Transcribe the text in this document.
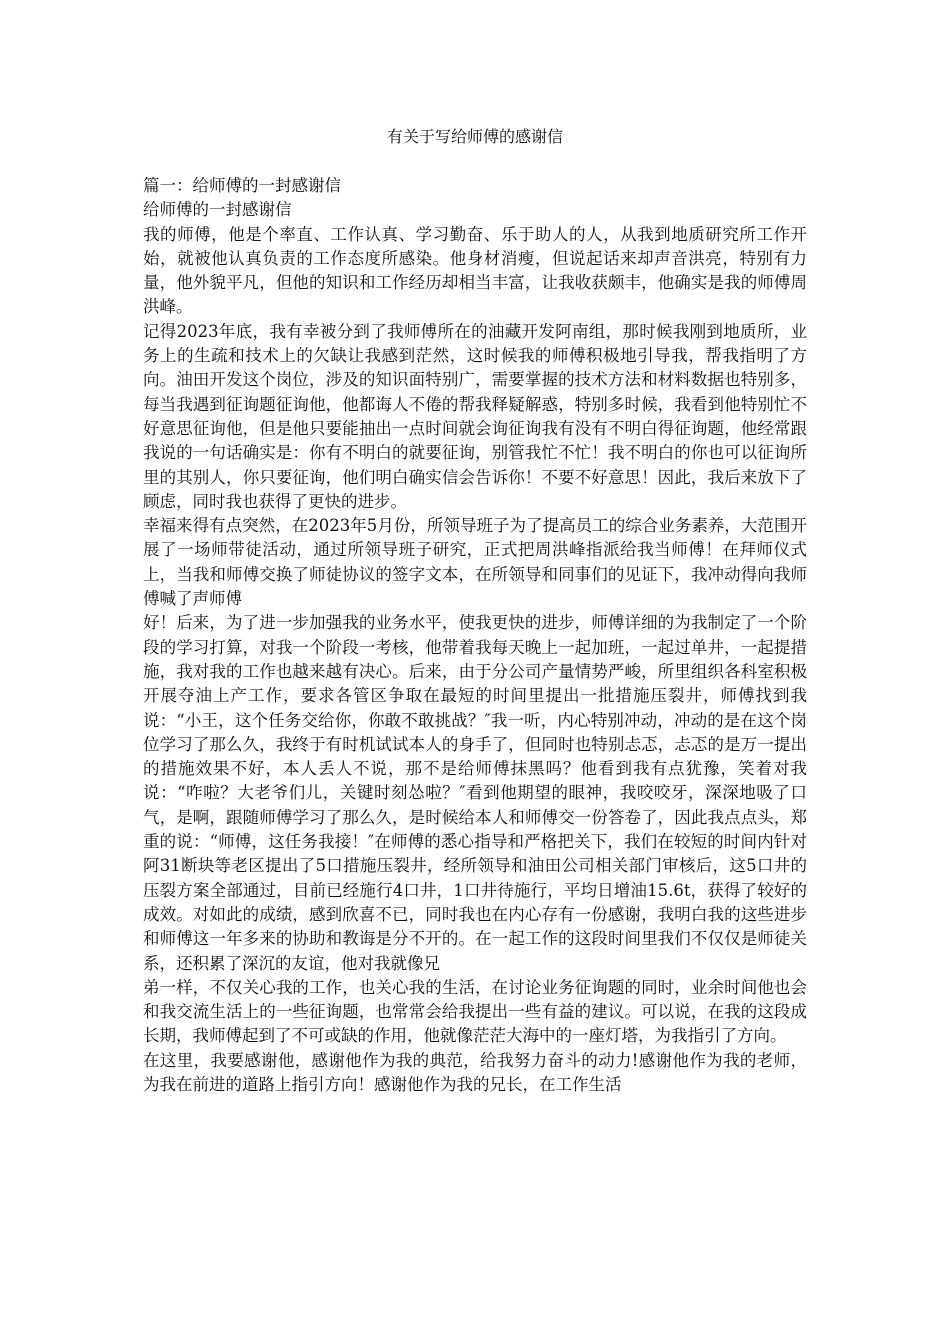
有关于写给师傅的感谢信

篇一：给师傅的一封感谢信

给师傅的一封感谢信

我的师傅，他是个率直、工作认真、学习勤奋、乐于助人的人，从我到地质研究所工作开始，就被他认真负责的工作态度所感染。他身材消瘦，但说起话来却声音洪亮，特别有力量，他外貌平凡，但他的知识和工作经历却相当丰富，让我收获颇丰，他确实是我的师傅周洪峰。

记得2023年底，我有幸被分到了我师傅所在的油藏开发阿南组，那时候我刚到地质所，业务上的生疏和技术上的欠缺让我感到茫然，这时候我的师傅积极地引导我，帮我指明了方向。油田开发这个岗位，涉及的知识面特别广，需要掌握的技术方法和材料数据也特别多，每当我遇到征询题征询他，他都诲人不倦的帮我释疑解惑，特别多时候，我看到他特别忙不好意思征询他，但是他只要能抽出一点时间就会询征询我有没有不明白得征询题，他经常跟我说的一句话确实是：你有不明白的就要征询，别管我忙不忙！我不明白的你也可以征询所里的其别人，你只要征询，他们明白确实信会告诉你！不要不好意思！因此，我后来放下了顾虑，同时我也获得了更快的进步。

幸福来得有点突然，在2023年5月份，所领导班子为了提高员工的综合业务素养，大范围开展了一场师带徒活动，通过所领导班子研究，正式把周洪峰指派给我当师傅！在拜师仪式上，当我和师傅交换了师徒协议的签字文本，在所领导和同事们的见证下，我冲动得向我师傅喊了声师傅

好！后来，为了进一步加强我的业务水平，使我更快的进步，师傅详细的为我制定了一个阶段的学习打算，对我一个阶段一考核，他带着我每天晚上一起加班，一起过单井，一起提措施，我对我的工作也越来越有决心。后来，由于分公司产量情势严峻，所里组织各科室积极开展夺油上产工作，要求各管区争取在最短的时间里提出一批措施压裂井，师傅找到我说：“小王，这个任务交给你，你敢不敢挑战？″我一听，内心特别冲动，冲动的是在这个岗位学习了那么久，我终于有时机试试本人的身手了，但同时也特别忐忑，忐忑的是万一提出的措施效果不好，本人丢人不说，那不是给师傅抹黑吗？他看到我有点犹豫，笑着对我说：“咋啦？大老爷们儿，关键时刻怂啦？″看到他期望的眼神，我咬咬牙，深深地吸了口气，是啊，跟随师傅学习了那么久，是时候给本人和师傅交一份答卷了，因此我点点头，郑重的说：“师傅，这任务我接！″在师傅的悉心指导和严格把关下，我们在较短的时间内针对阿31断块等老区提出了5口措施压裂井，经所领导和油田公司相关部门审核后，这5口井的压裂方案全部通过，目前已经施行4口井，1口井待施行，平均日增油15.6t，获得了较好的成效。对如此的成绩，感到欣喜不已，同时我也在内心存有一份感谢，我明白我的这些进步和师傅这一年多来的协助和教诲是分不开的。在一起工作的这段时间里我们不仅仅是师徒关系，还积累了深沉的友谊，他对我就像兄

弟一样，不仅关心我的工作，也关心我的生活，在讨论业务征询题的同时，业余时间他也会和我交流生活上的一些征询题，也常常会给我提出一些有益的建议。可以说，在我的这段成长期，我师傅起到了不可或缺的作用，他就像茫茫大海中的一座灯塔，为我指引了方向。

在这里，我要感谢他，感谢他作为我的典范，给我努力奋斗的动力!感谢他作为我的老师，为我在前进的道路上指引方向！感谢他作为我的兄长，在工作生活
